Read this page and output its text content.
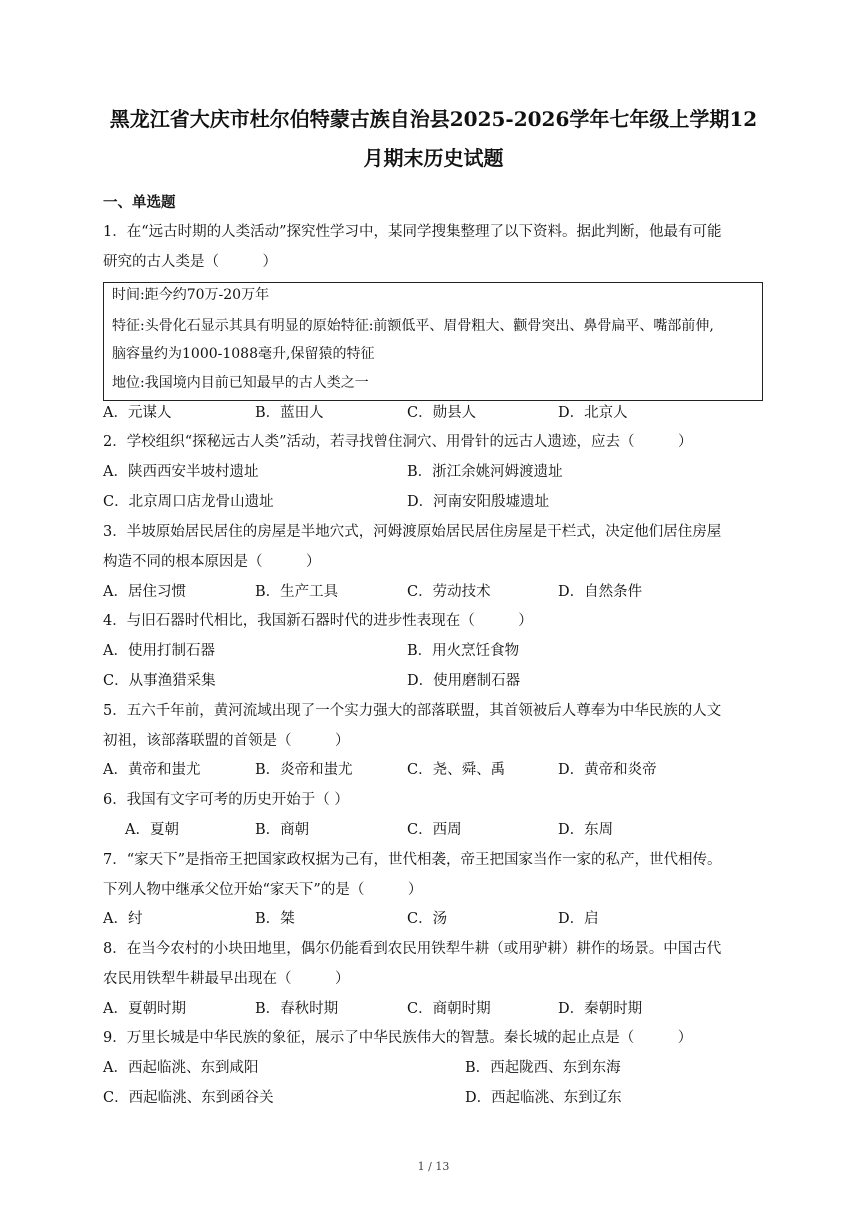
黑龙江省大庆市杜尔伯特蒙古族自治县2025-2026学年七年级上学期12
月期末历史试题
一、单选题
1．在“远古时期的人类活动”探究性学习中，某同学搜集整理了以下资料。据此判断，他最有可能
研究的古人类是（　　　）
时间:距今约70万-20万年
特征:头骨化石显示其具有明显的原始特征:前额低平、眉骨粗大、颧骨突出、鼻骨扁平、嘴部前伸,
脑容量约为1000-1088毫升,保留猿的特征
地位:我国境内目前已知最早的古人类之一
A．元谋人	B．蓝田人	C．勋县人	D．北京人
2．学校组织“探秘远古人类”活动，若寻找曾住洞穴、用骨针的远古人遗迹，应去（　　　）
A．陕西西安半坡村遗址	B．浙江余姚河姆渡遗址
C．北京周口店龙骨山遗址	D．河南安阳殷墟遗址
3．半坡原始居民居住的房屋是半地穴式，河姆渡原始居民居住房屋是干栏式，决定他们居住房屋
构造不同的根本原因是（　　　）
A．居住习惯	B．生产工具	C．劳动技术	D．自然条件
4．与旧石器时代相比，我国新石器时代的进步性表现在（　　　）
A．使用打制石器	B．用火烹饪食物
C．从事渔猎采集	D．使用磨制石器
5．五六千年前，黄河流域出现了一个实力强大的部落联盟，其首领被后人尊奉为中华民族的人文
初祖，该部落联盟的首领是（　　　）
A．黄帝和蚩尤	B．炎帝和蚩尤	C．尧、舜、禹	D．黄帝和炎帝
6．我国有文字可考的历史开始于（ ）
A．夏朝	B．商朝	C．西周	D．东周
7．“家天下”是指帝王把国家政权据为己有，世代相袭，帝王把国家当作一家的私产，世代相传。
下列人物中继承父位开始“家天下”的是（　　　）
A．纣	B．桀	C．汤	D．启
8．在当今农村的小块田地里，偶尔仍能看到农民用铁犁牛耕（或用驴耕）耕作的场景。中国古代
农民用铁犁牛耕最早出现在（　　　）
A．夏朝时期	B．春秋时期	C．商朝时期	D．秦朝时期
9．万里长城是中华民族的象征，展示了中华民族伟大的智慧。秦长城的起止点是（　　　）
A．西起临洮、东到咸阳	B．西起陇西、东到东海
C．西起临洮、东到函谷关	D．西起临洮、东到辽东
1 / 13
